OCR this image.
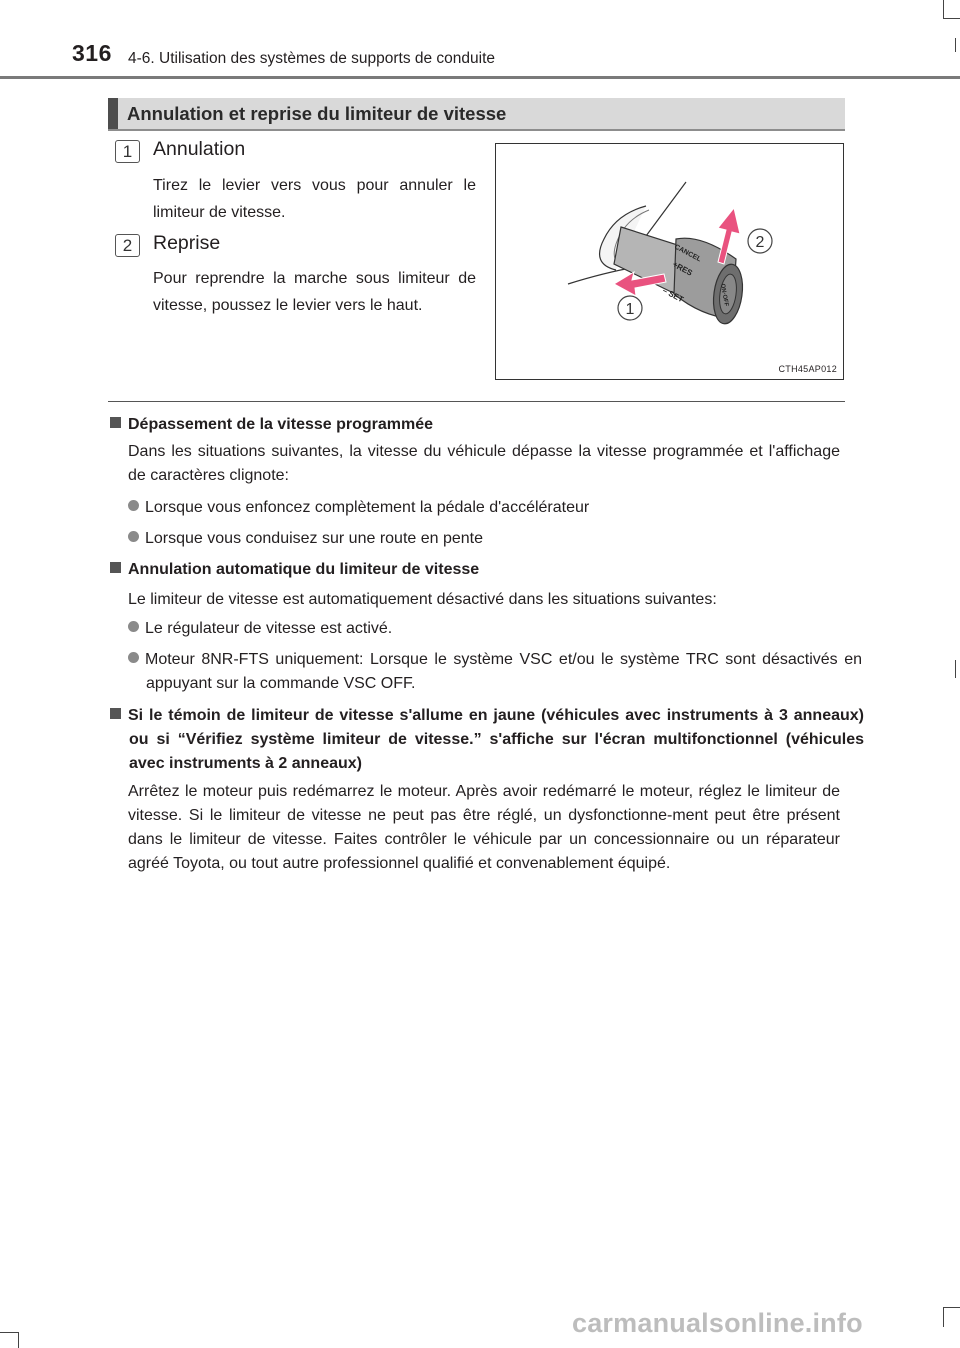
316 4-6. Utilisation des systèmes de supports de conduite
Annulation et reprise du limiteur de vitesse
1	Annulation
Tirez le levier vers vous pour annuler le limiteur de vitesse.
2	Reprise
Pour reprendre la marche sous limiteur de vitesse, poussez le levier vers le haut.
CANCEL
+RES
– SET	ON·OFF
2
1
CTH45AP012
Dépassement de la vitesse programmée
Dans les situations suivantes, la vitesse du véhicule dépasse la vitesse programmée et l'affichage de caractères clignote:
Lorsque vous enfoncez complètement la pédale d'accélérateur
Lorsque vous conduisez sur une route en pente
Annulation automatique du limiteur de vitesse
Le limiteur de vitesse est automatiquement désactivé dans les situations suivantes:
Le régulateur de vitesse est activé.
Moteur 8NR-FTS uniquement: Lorsque le système VSC et/ou le système TRC sont désactivés en appuyant sur la commande VSC OFF.
Si le témoin de limiteur de vitesse s'allume en jaune (véhicules avec instruments à 3 anneaux) ou si “Vérifiez système limiteur de vitesse.” s'affiche sur l'écran multifonctionnel (véhicules avec instruments à 2 anneaux)
Arrêtez le moteur puis redémarrez le moteur. Après avoir redémarré le moteur, réglez le limiteur de vitesse. Si le limiteur de vitesse ne peut pas être réglé, un dysfonctionne-ment peut être présent dans le limiteur de vitesse. Faites contrôler le véhicule par un concessionnaire ou un réparateur agréé Toyota, ou tout autre professionnel qualifié et convenablement équipé.
carmanualsonline.info
